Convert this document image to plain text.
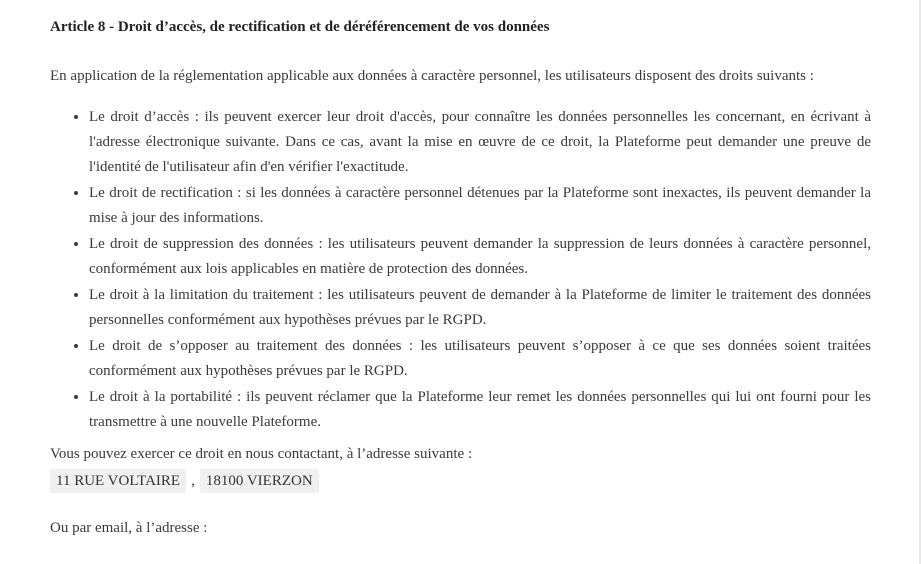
Article 8 - Droit d’accès, de rectification et de déréférencement de vos données

En application de la réglementation applicable aux données à caractère personnel, les utilisateurs disposent des droits suivants :

• Le droit d’accès : ils peuvent exercer leur droit d'accès, pour connaître les données personnelles les concernant, en écrivant à l'adresse électronique suivante. Dans ce cas, avant la mise en œuvre de ce droit, la Plateforme peut demander une preuve de l'identité de l'utilisateur afin d'en vérifier l'exactitude.
• Le droit de rectification : si les données à caractère personnel détenues par la Plateforme sont inexactes, ils peuvent demander la mise à jour des informations.
• Le droit de suppression des données : les utilisateurs peuvent demander la suppression de leurs données à caractère personnel, conformément aux lois applicables en matière de protection des données.
• Le droit à la limitation du traitement : les utilisateurs peuvent de demander à la Plateforme de limiter le traitement des données personnelles conformément aux hypothèses prévues par le RGPD.
• Le droit de s’opposer au traitement des données : les utilisateurs peuvent s’opposer à ce que ses données soient traitées conformément aux hypothèses prévues par le RGPD.
• Le droit à la portabilité : ils peuvent réclamer que la Plateforme leur remet les données personnelles qui lui ont fourni pour les transmettre à une nouvelle Plateforme.

Vous pouvez exercer ce droit en nous contactant, à l’adresse suivante :

11 RUE VOLTAIRE , 18100 VIERZON

Ou par email, à l’adresse :
